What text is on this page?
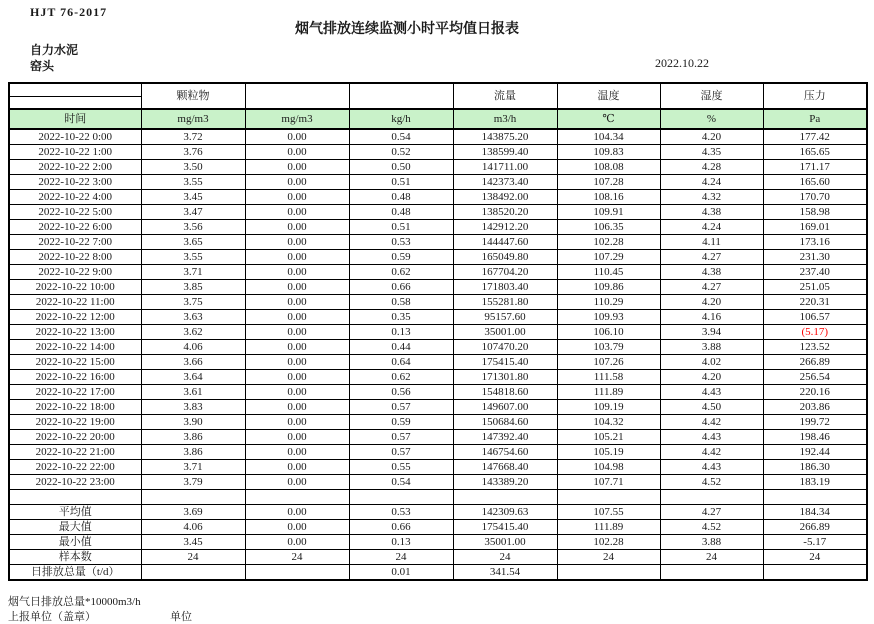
HJT 76-2017
烟气排放连续监测小时平均值日报表
自力水泥
窑头	2022.10.22
	颗粒物			流量	温度	湿度	压力

时间	mg/m3	mg/m3	kg/h	m3/h	℃	%	Pa
2022-10-22 0:00	3.72	0.00	0.54	143875.20	104.34	4.20	177.42
2022-10-22 1:00	3.76	0.00	0.52	138599.40	109.83	4.35	165.65
2022-10-22 2:00	3.50	0.00	0.50	141711.00	108.08	4.28	171.17
2022-10-22 3:00	3.55	0.00	0.51	142373.40	107.28	4.24	165.60
2022-10-22 4:00	3.45	0.00	0.48	138492.00	108.16	4.32	170.70
2022-10-22 5:00	3.47	0.00	0.48	138520.20	109.91	4.38	158.98
2022-10-22 6:00	3.56	0.00	0.51	142912.20	106.35	4.24	169.01
2022-10-22 7:00	3.65	0.00	0.53	144447.60	102.28	4.11	173.16
2022-10-22 8:00	3.55	0.00	0.59	165049.80	107.29	4.27	231.30
2022-10-22 9:00	3.71	0.00	0.62	167704.20	110.45	4.38	237.40
2022-10-22 10:00	3.85	0.00	0.66	171803.40	109.86	4.27	251.05
2022-10-22 11:00	3.75	0.00	0.58	155281.80	110.29	4.20	220.31
2022-10-22 12:00	3.63	0.00	0.35	95157.60	109.93	4.16	106.57
2022-10-22 13:00	3.62	0.00	0.13	35001.00	106.10	3.94	(5.17)
2022-10-22 14:00	4.06	0.00	0.44	107470.20	103.79	3.88	123.52
2022-10-22 15:00	3.66	0.00	0.64	175415.40	107.26	4.02	266.89
2022-10-22 16:00	3.64	0.00	0.62	171301.80	111.58	4.20	256.54
2022-10-22 17:00	3.61	0.00	0.56	154818.60	111.89	4.43	220.16
2022-10-22 18:00	3.83	0.00	0.57	149607.00	109.19	4.50	203.86
2022-10-22 19:00	3.90	0.00	0.59	150684.60	104.32	4.42	199.72
2022-10-22 20:00	3.86	0.00	0.57	147392.40	105.21	4.43	198.46
2022-10-22 21:00	3.86	0.00	0.57	146754.60	105.19	4.42	192.44
2022-10-22 22:00	3.71	0.00	0.55	147668.40	104.98	4.43	186.30
2022-10-22 23:00	3.79	0.00	0.54	143389.20	107.71	4.52	183.19

平均值	3.69	0.00	0.53	142309.63	107.55	4.27	184.34
最大值	4.06	0.00	0.66	175415.40	111.89	4.52	266.89
最小值	3.45	0.00	0.13	35001.00	102.28	3.88	-5.17
样本数	24	24	24	24	24	24	24
日排放总量（t/d）			0.01	341.54			
烟气日排放总量*10000m3/h
上报单位（盖章）	单位
